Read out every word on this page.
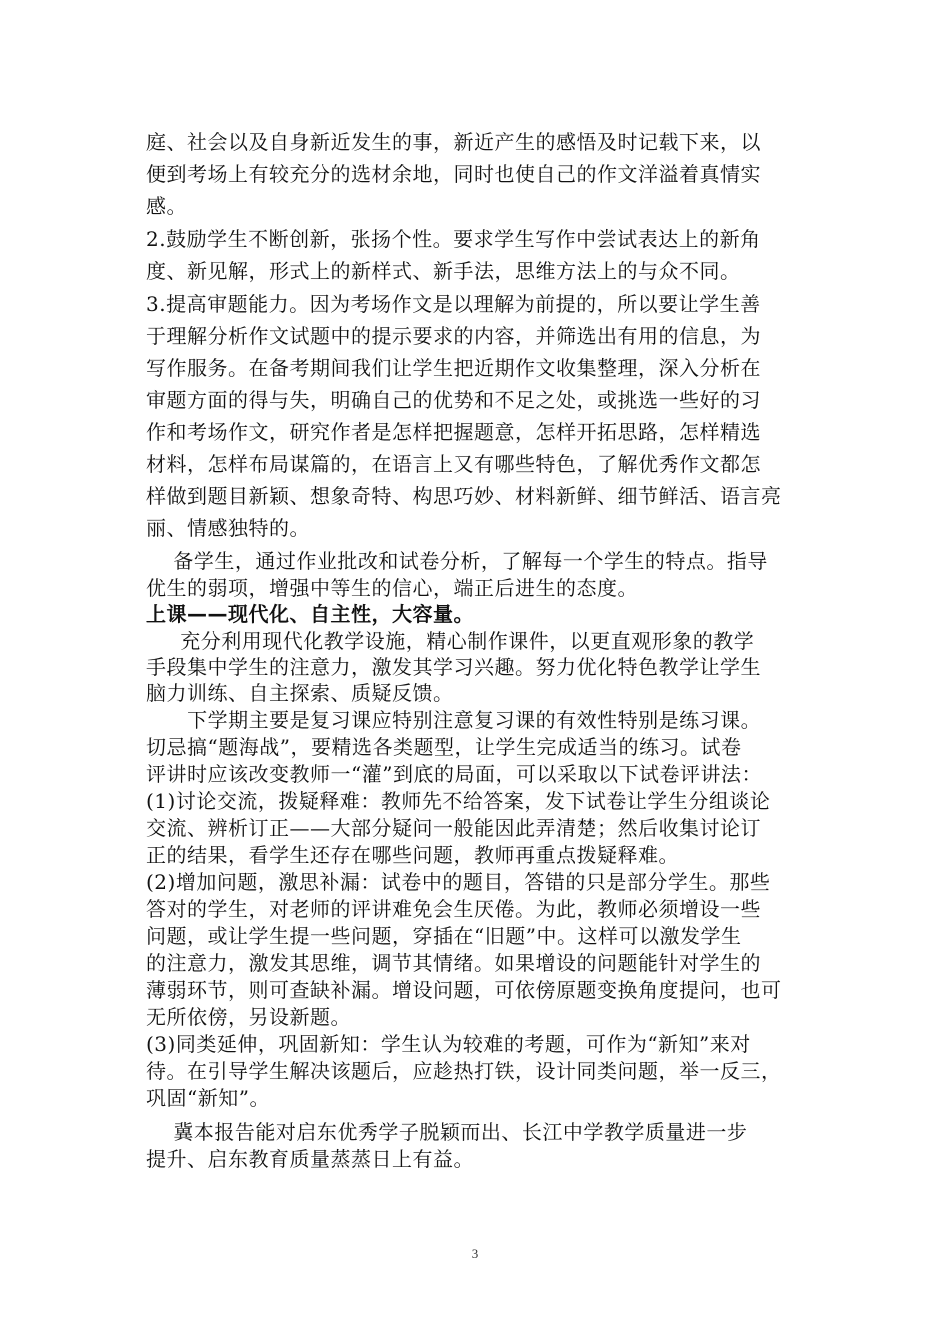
庭、社会以及自身新近发生的事，新近产生的感悟及时记载下来，以
便到考场上有较充分的选材余地，同时也使自己的作文洋溢着真情实
感。
2.鼓励学生不断创新，张扬个性。要求学生写作中尝试表达上的新角
度、新见解，形式上的新样式、新手法，思维方法上的与众不同。
3.提高审题能力。因为考场作文是以理解为前提的，所以要让学生善
于理解分析作文试题中的提示要求的内容，并筛选出有用的信息，为
写作服务。在备考期间我们让学生把近期作文收集整理，深入分析在
审题方面的得与失，明确自己的优势和不足之处，或挑选一些好的习
作和考场作文，研究作者是怎样把握题意，怎样开拓思路，怎样精选
材料，怎样布局谋篇的，在语言上又有哪些特色，了解优秀作文都怎
样做到题目新颖、想象奇特、构思巧妙、材料新鲜、细节鲜活、语言亮
丽、情感独特的。
备学生，通过作业批改和试卷分析，了解每一个学生的特点。指导
优生的弱项，增强中等生的信心，端正后进生的态度。
上课——现代化、自主性，大容量。
充分利用现代化教学设施，精心制作课件，以更直观形象的教学
手段集中学生的注意力，激发其学习兴趣。努力优化特色教学让学生
脑力训练、自主探索、质疑反馈。
下学期主要是复习课应特别注意复习课的有效性特别是练习课。
切忌搞“题海战”，要精选各类题型，让学生完成适当的练习。试卷
评讲时应该改变教师一“灌”到底的局面，可以采取以下试卷评讲法：
(1)讨论交流，拨疑释难：教师先不给答案，发下试卷让学生分组谈论
交流、辨析订正——大部分疑问一般能因此弄清楚；然后收集讨论订
正的结果，看学生还存在哪些问题，教师再重点拨疑释难。
(2)增加问题，激思补漏：试卷中的题目，答错的只是部分学生。那些
答对的学生，对老师的评讲难免会生厌倦。为此，教师必须增设一些
问题，或让学生提一些问题，穿插在“旧题”中。这样可以激发学生
的注意力，激发其思维，调节其情绪。如果增设的问题能针对学生的
薄弱环节，则可查缺补漏。增设问题，可依傍原题变换角度提问，也可
无所依傍，另设新题。
(3)同类延伸，巩固新知：学生认为较难的考题，可作为“新知”来对
待。在引导学生解决该题后，应趁热打铁，设计同类问题，举一反三，
巩固“新知”。
冀本报告能对启东优秀学子脱颖而出、长江中学教学质量进一步
提升、启东教育质量蒸蒸日上有益。
3
